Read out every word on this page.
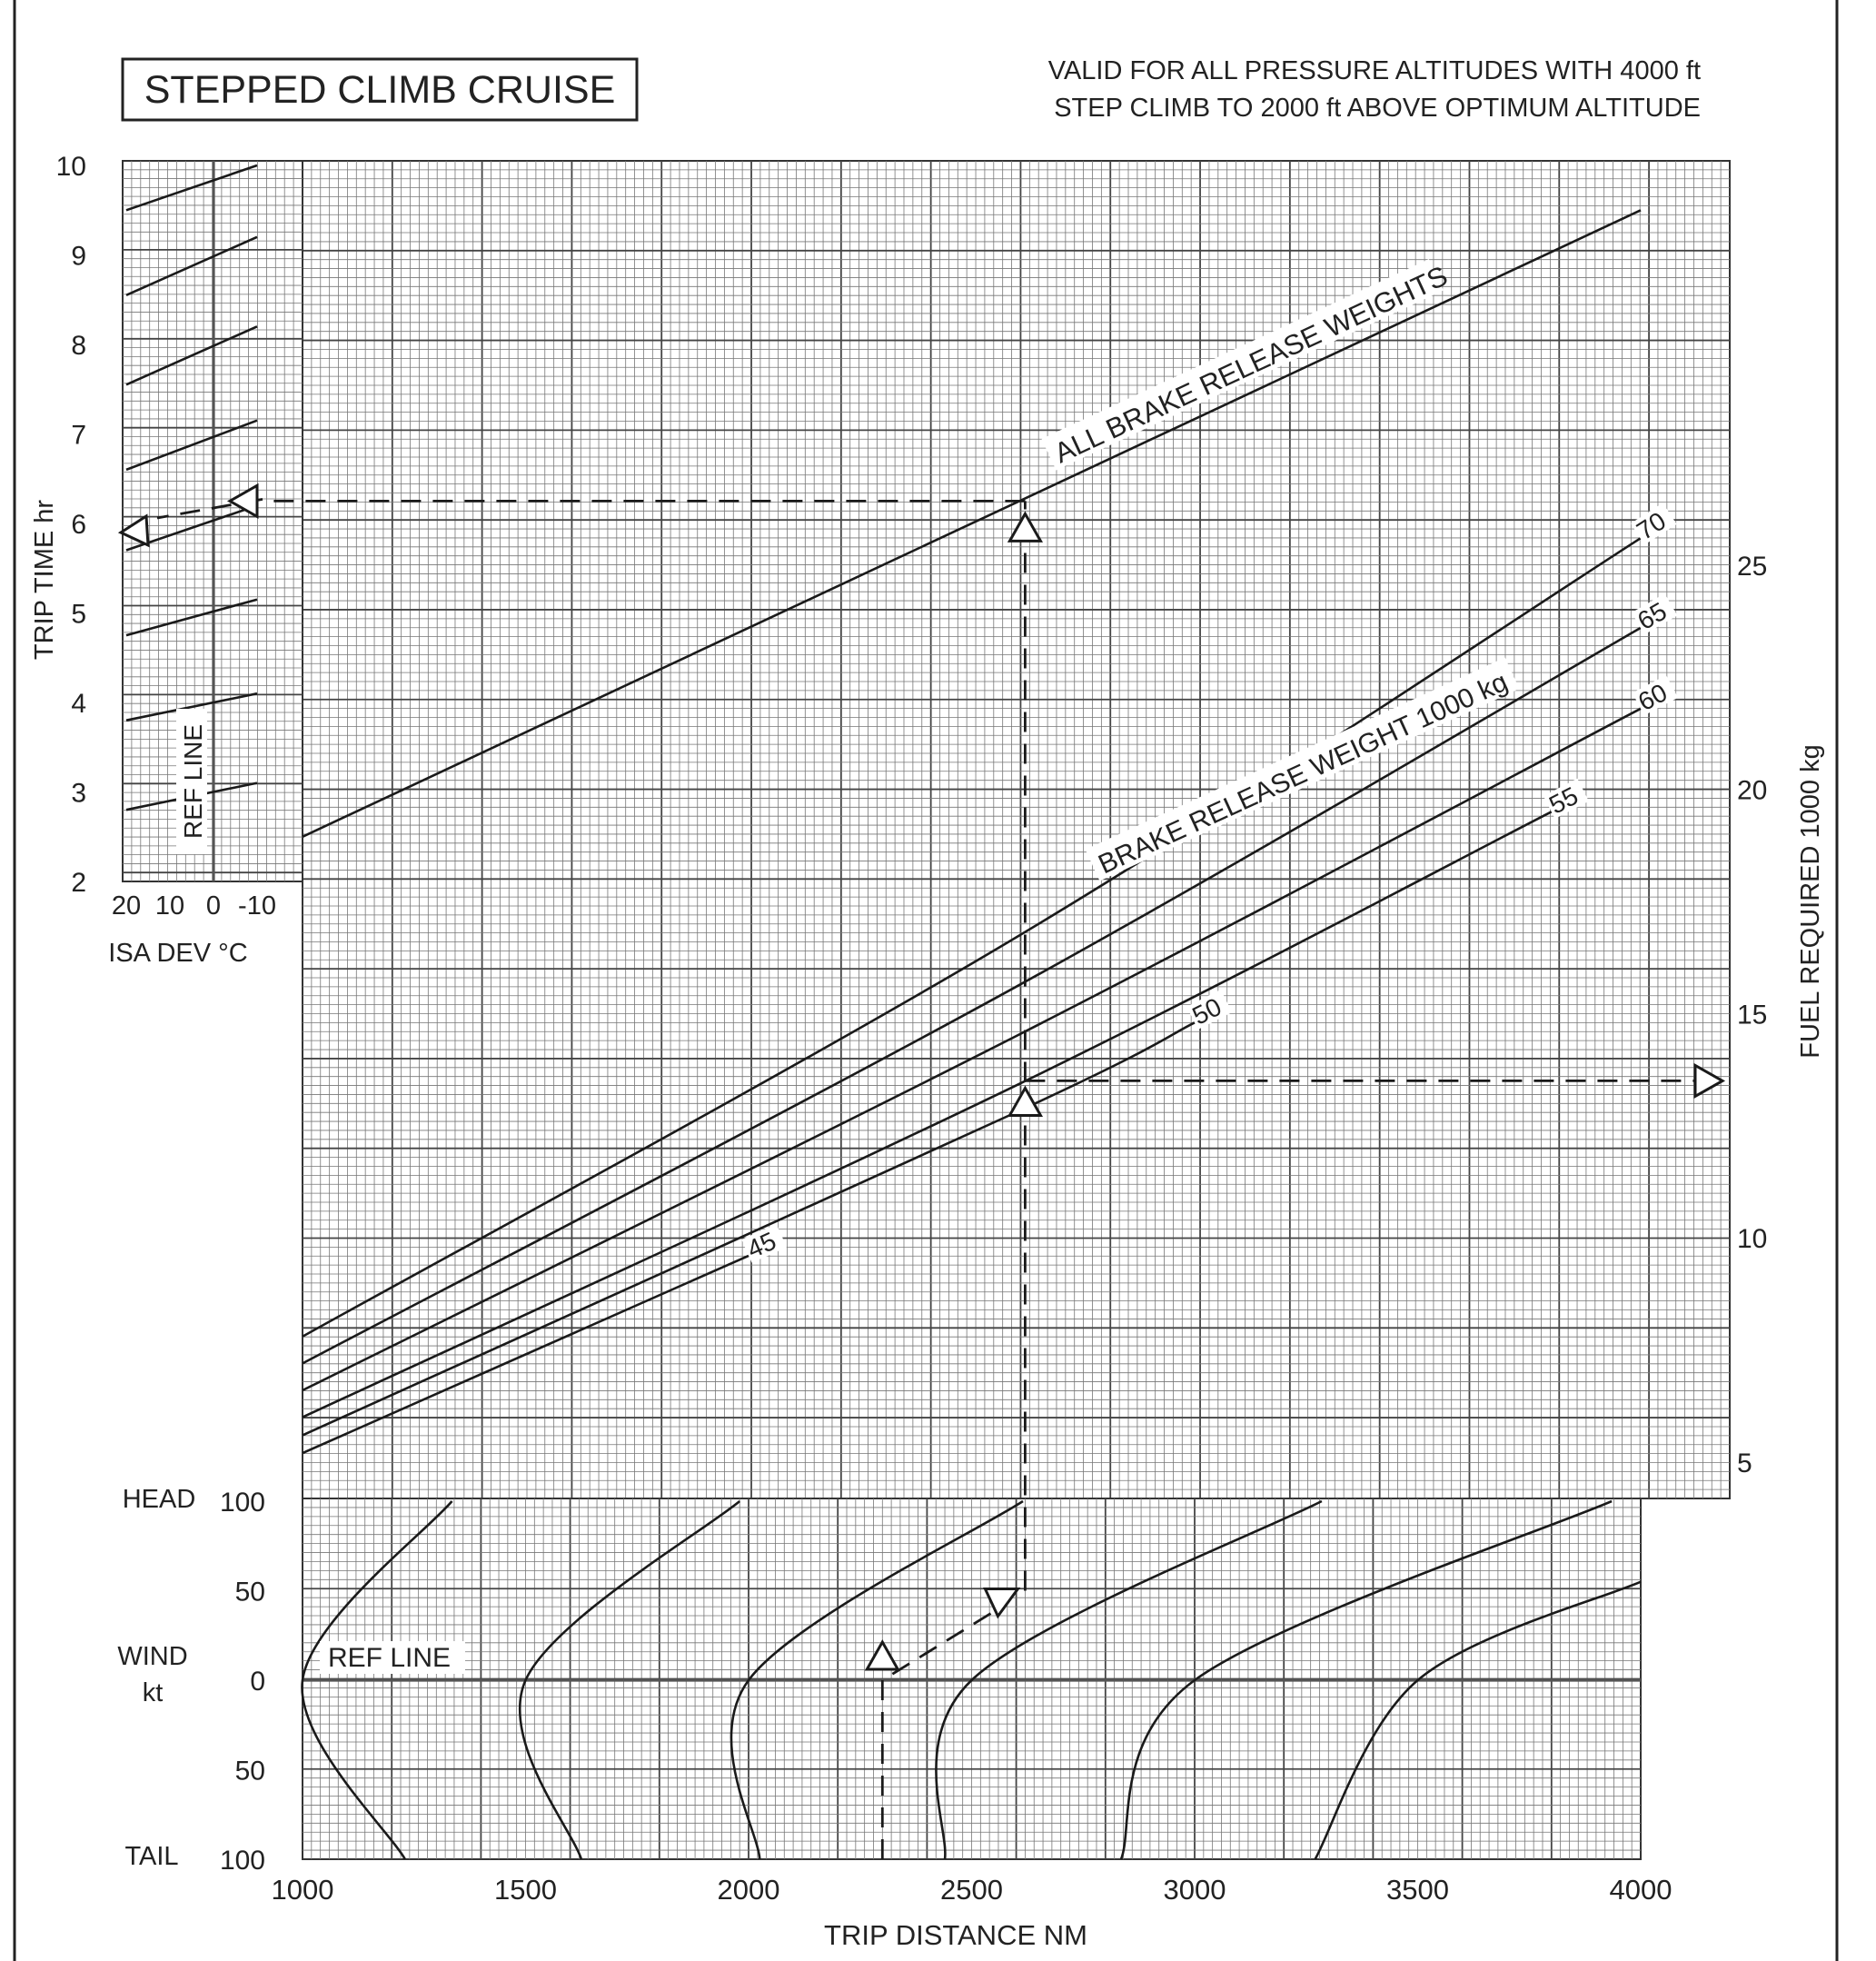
70
65
60
55
50
45
2
3
4
5
6
7
8
9
10
5
10
15
20
25
1000	1500	2000	2500	3000	3500	4000
20 10 0 -10
100
50
0
50
100
STEPPED CLIMB CRUISE	VALID FOR ALL PRESSURE ALTITUDES WITH 4000 ft
STEP CLIMB TO 2000 ft ABOVE OPTIMUM ALTITUDE
REF LINE
REF LINE
TRIP TIME hr
FUEL REQUIRED 1000 kg
TRIP DISTANCE NM
ISA DEV °C
WIND
kt
HEAD
TAIL
ALL BRAKE RELEASE WEIGHTS
BRAKE RELEASE WEIGHT 1000 kg
